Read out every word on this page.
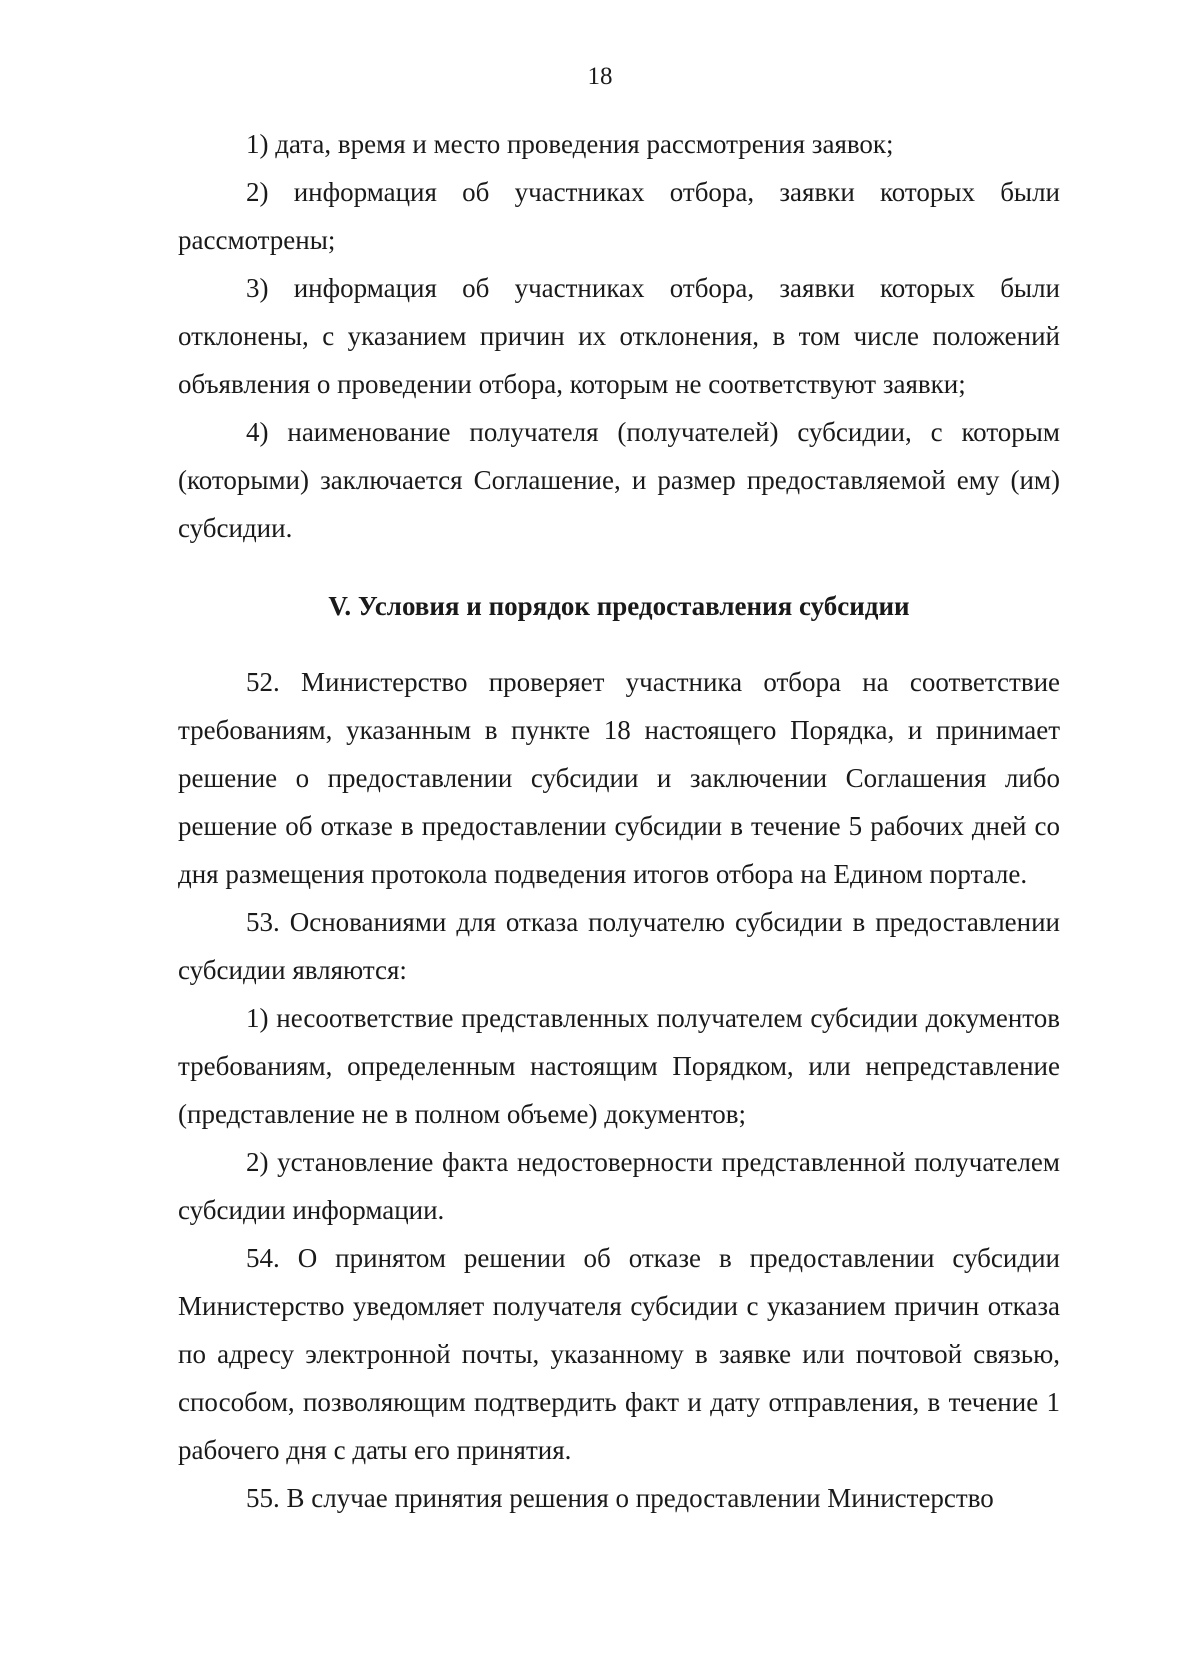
18

1) дата, время и место проведения рассмотрения заявок;

2) информация об участниках отбора, заявки которых были рассмотрены;

3) информация об участниках отбора, заявки которых были отклонены, с указанием причин их отклонения, в том числе положений объявления о проведении отбора, которым не соответствуют заявки;

4) наименование получателя (получателей) субсидии, с которым (которыми) заключается Соглашение, и размер предоставляемой ему (им) субсидии.

V. Условия и порядок предоставления субсидии

52. Министерство проверяет участника отбора на соответствие требованиям, указанным в пункте 18 настоящего Порядка, и принимает решение о предоставлении субсидии и заключении Соглашения либо решение об отказе в предоставлении субсидии в течение 5 рабочих дней со дня размещения протокола подведения итогов отбора на Едином портале.

53. Основаниями для отказа получателю субсидии в предоставлении субсидии являются:

1) несоответствие представленных получателем субсидии документов требованиям, определенным настоящим Порядком, или непредставление (представление не в полном объеме) документов;

2) установление факта недостоверности представленной получателем субсидии информации.

54. О принятом решении об отказе в предоставлении субсидии Министерство уведомляет получателя субсидии с указанием причин отказа по адресу электронной почты, указанному в заявке или почтовой связью, способом, позволяющим подтвердить факт и дату отправления, в течение 1 рабочего дня с даты его принятия.

55. В случае принятия решения о предоставлении Министерство
